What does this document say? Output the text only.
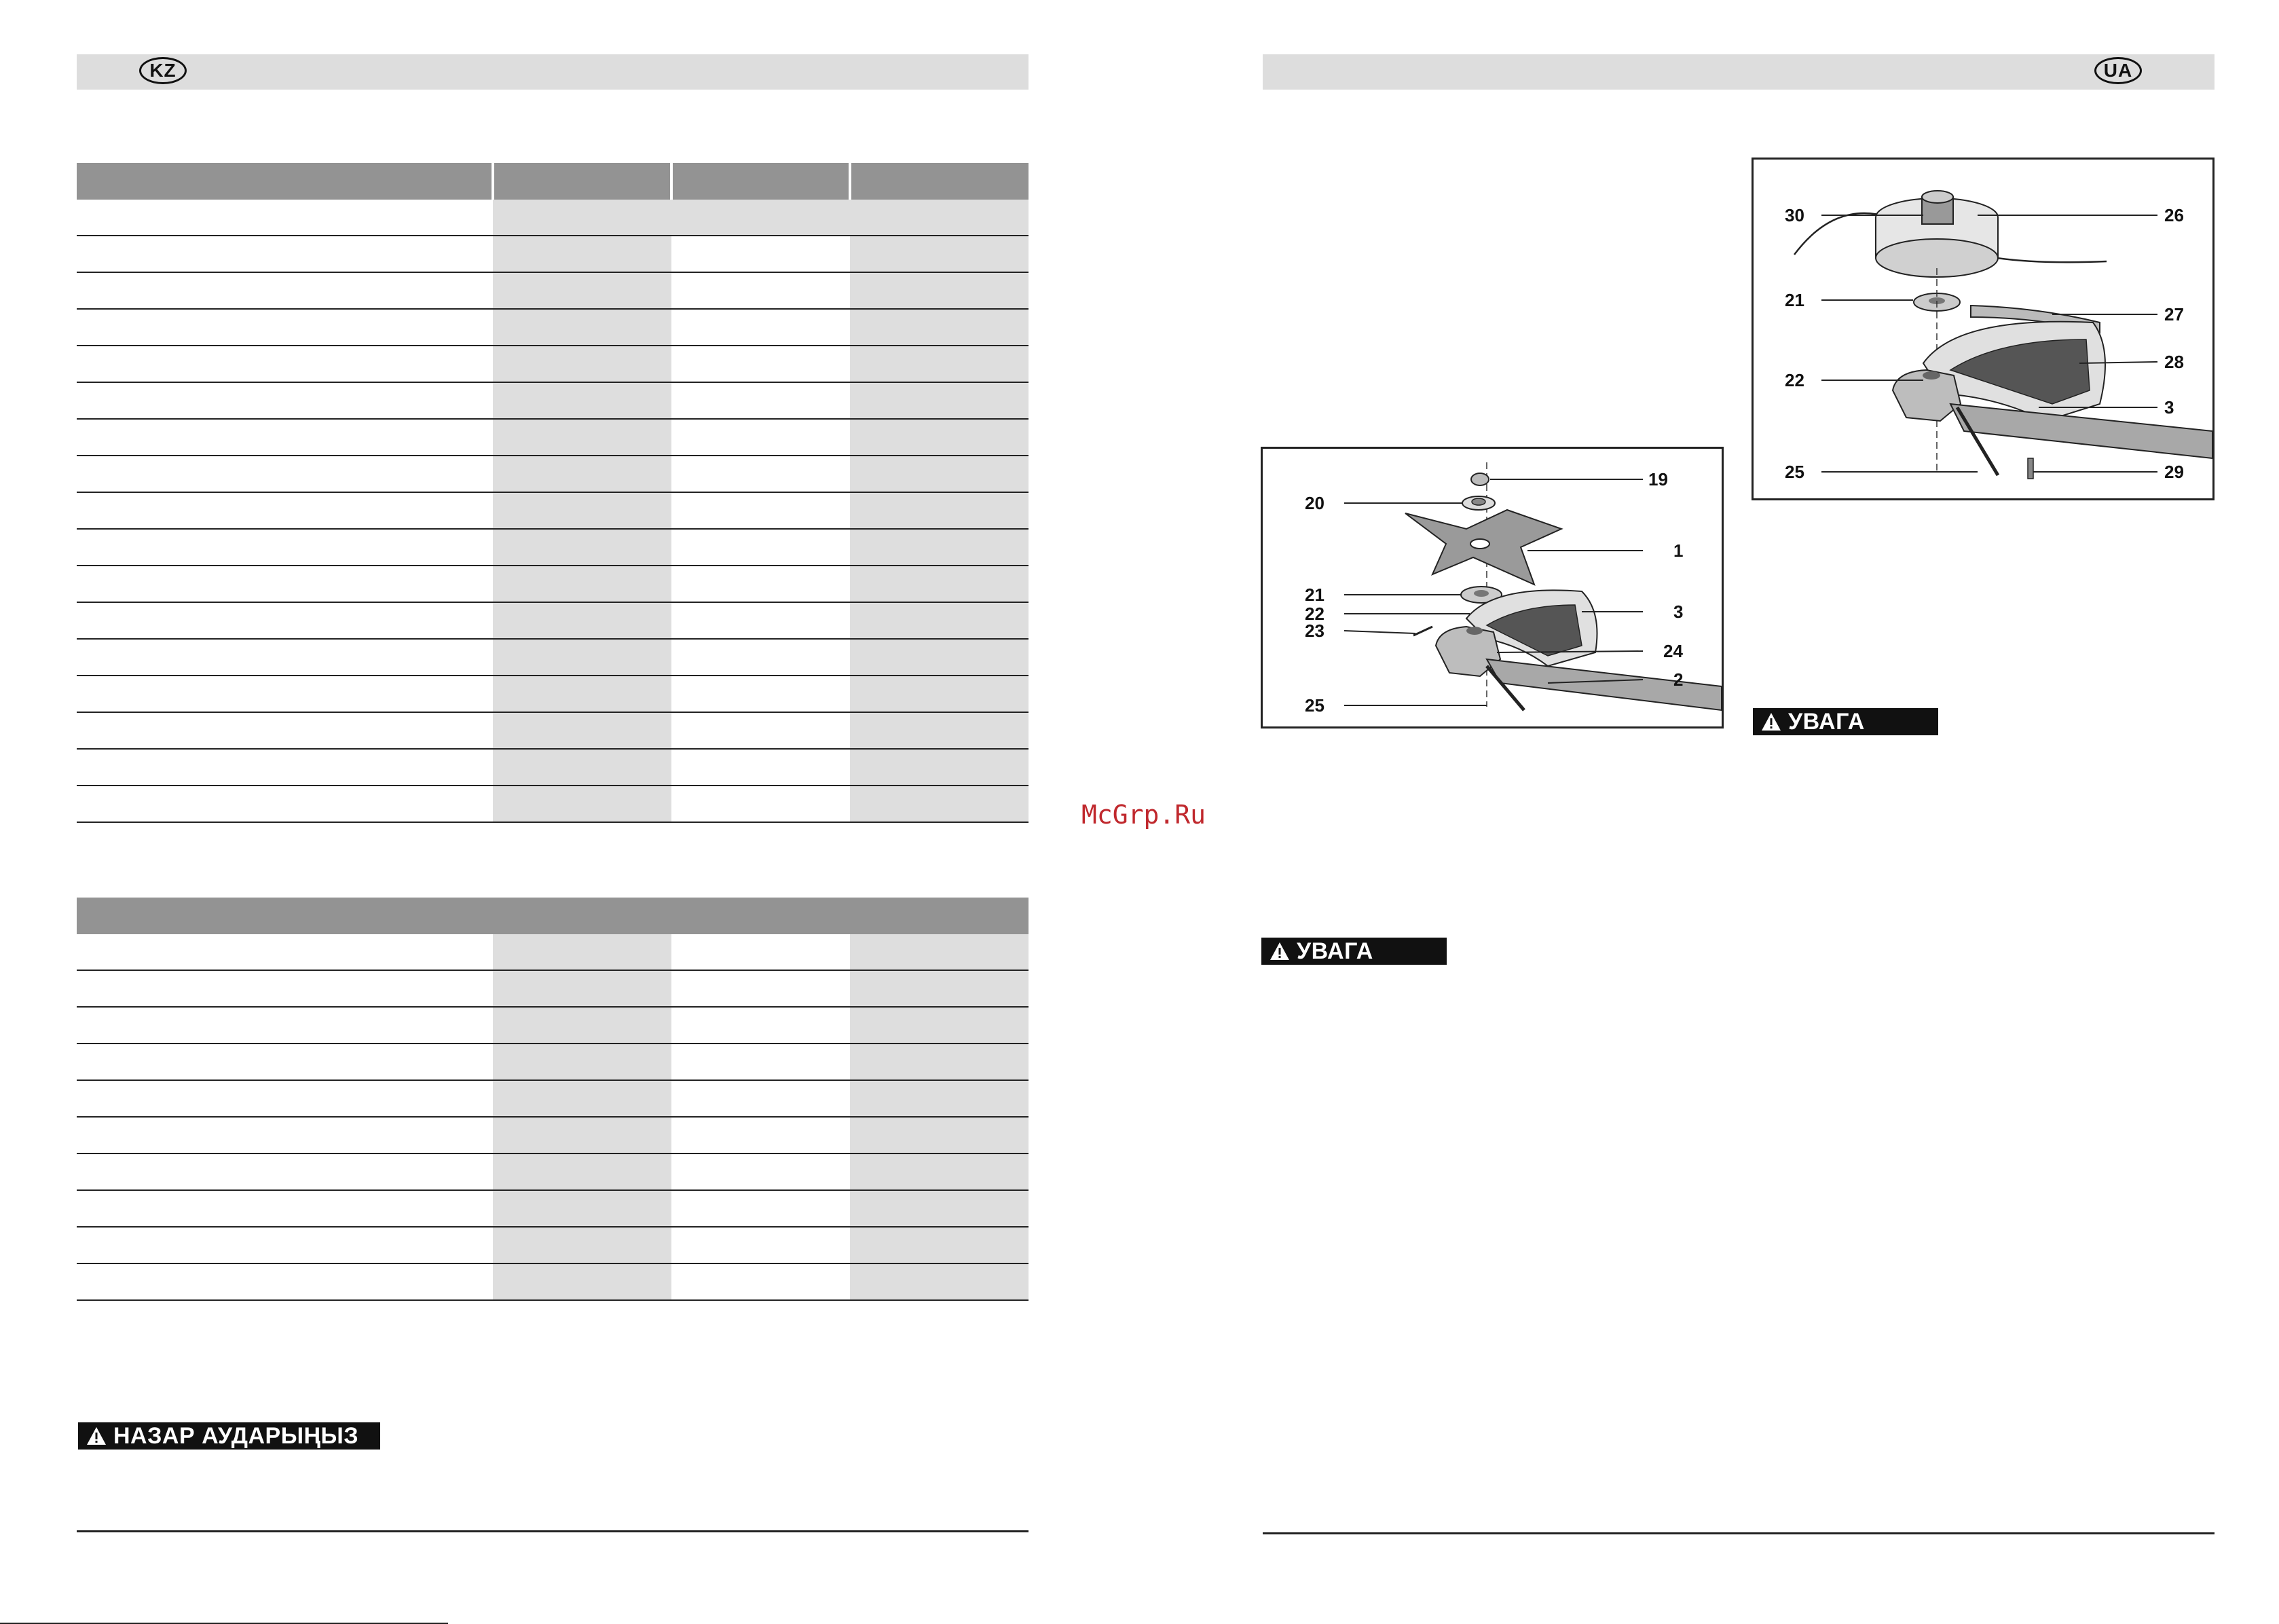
KZ

НАЗАР АУДАРЫҢЫЗ
McGrp.Ru
UA
19
20
1
21
3
22
23
24
2
25
30	26
21
27
28
22
3
25	29
УВАГА
УВАГА
